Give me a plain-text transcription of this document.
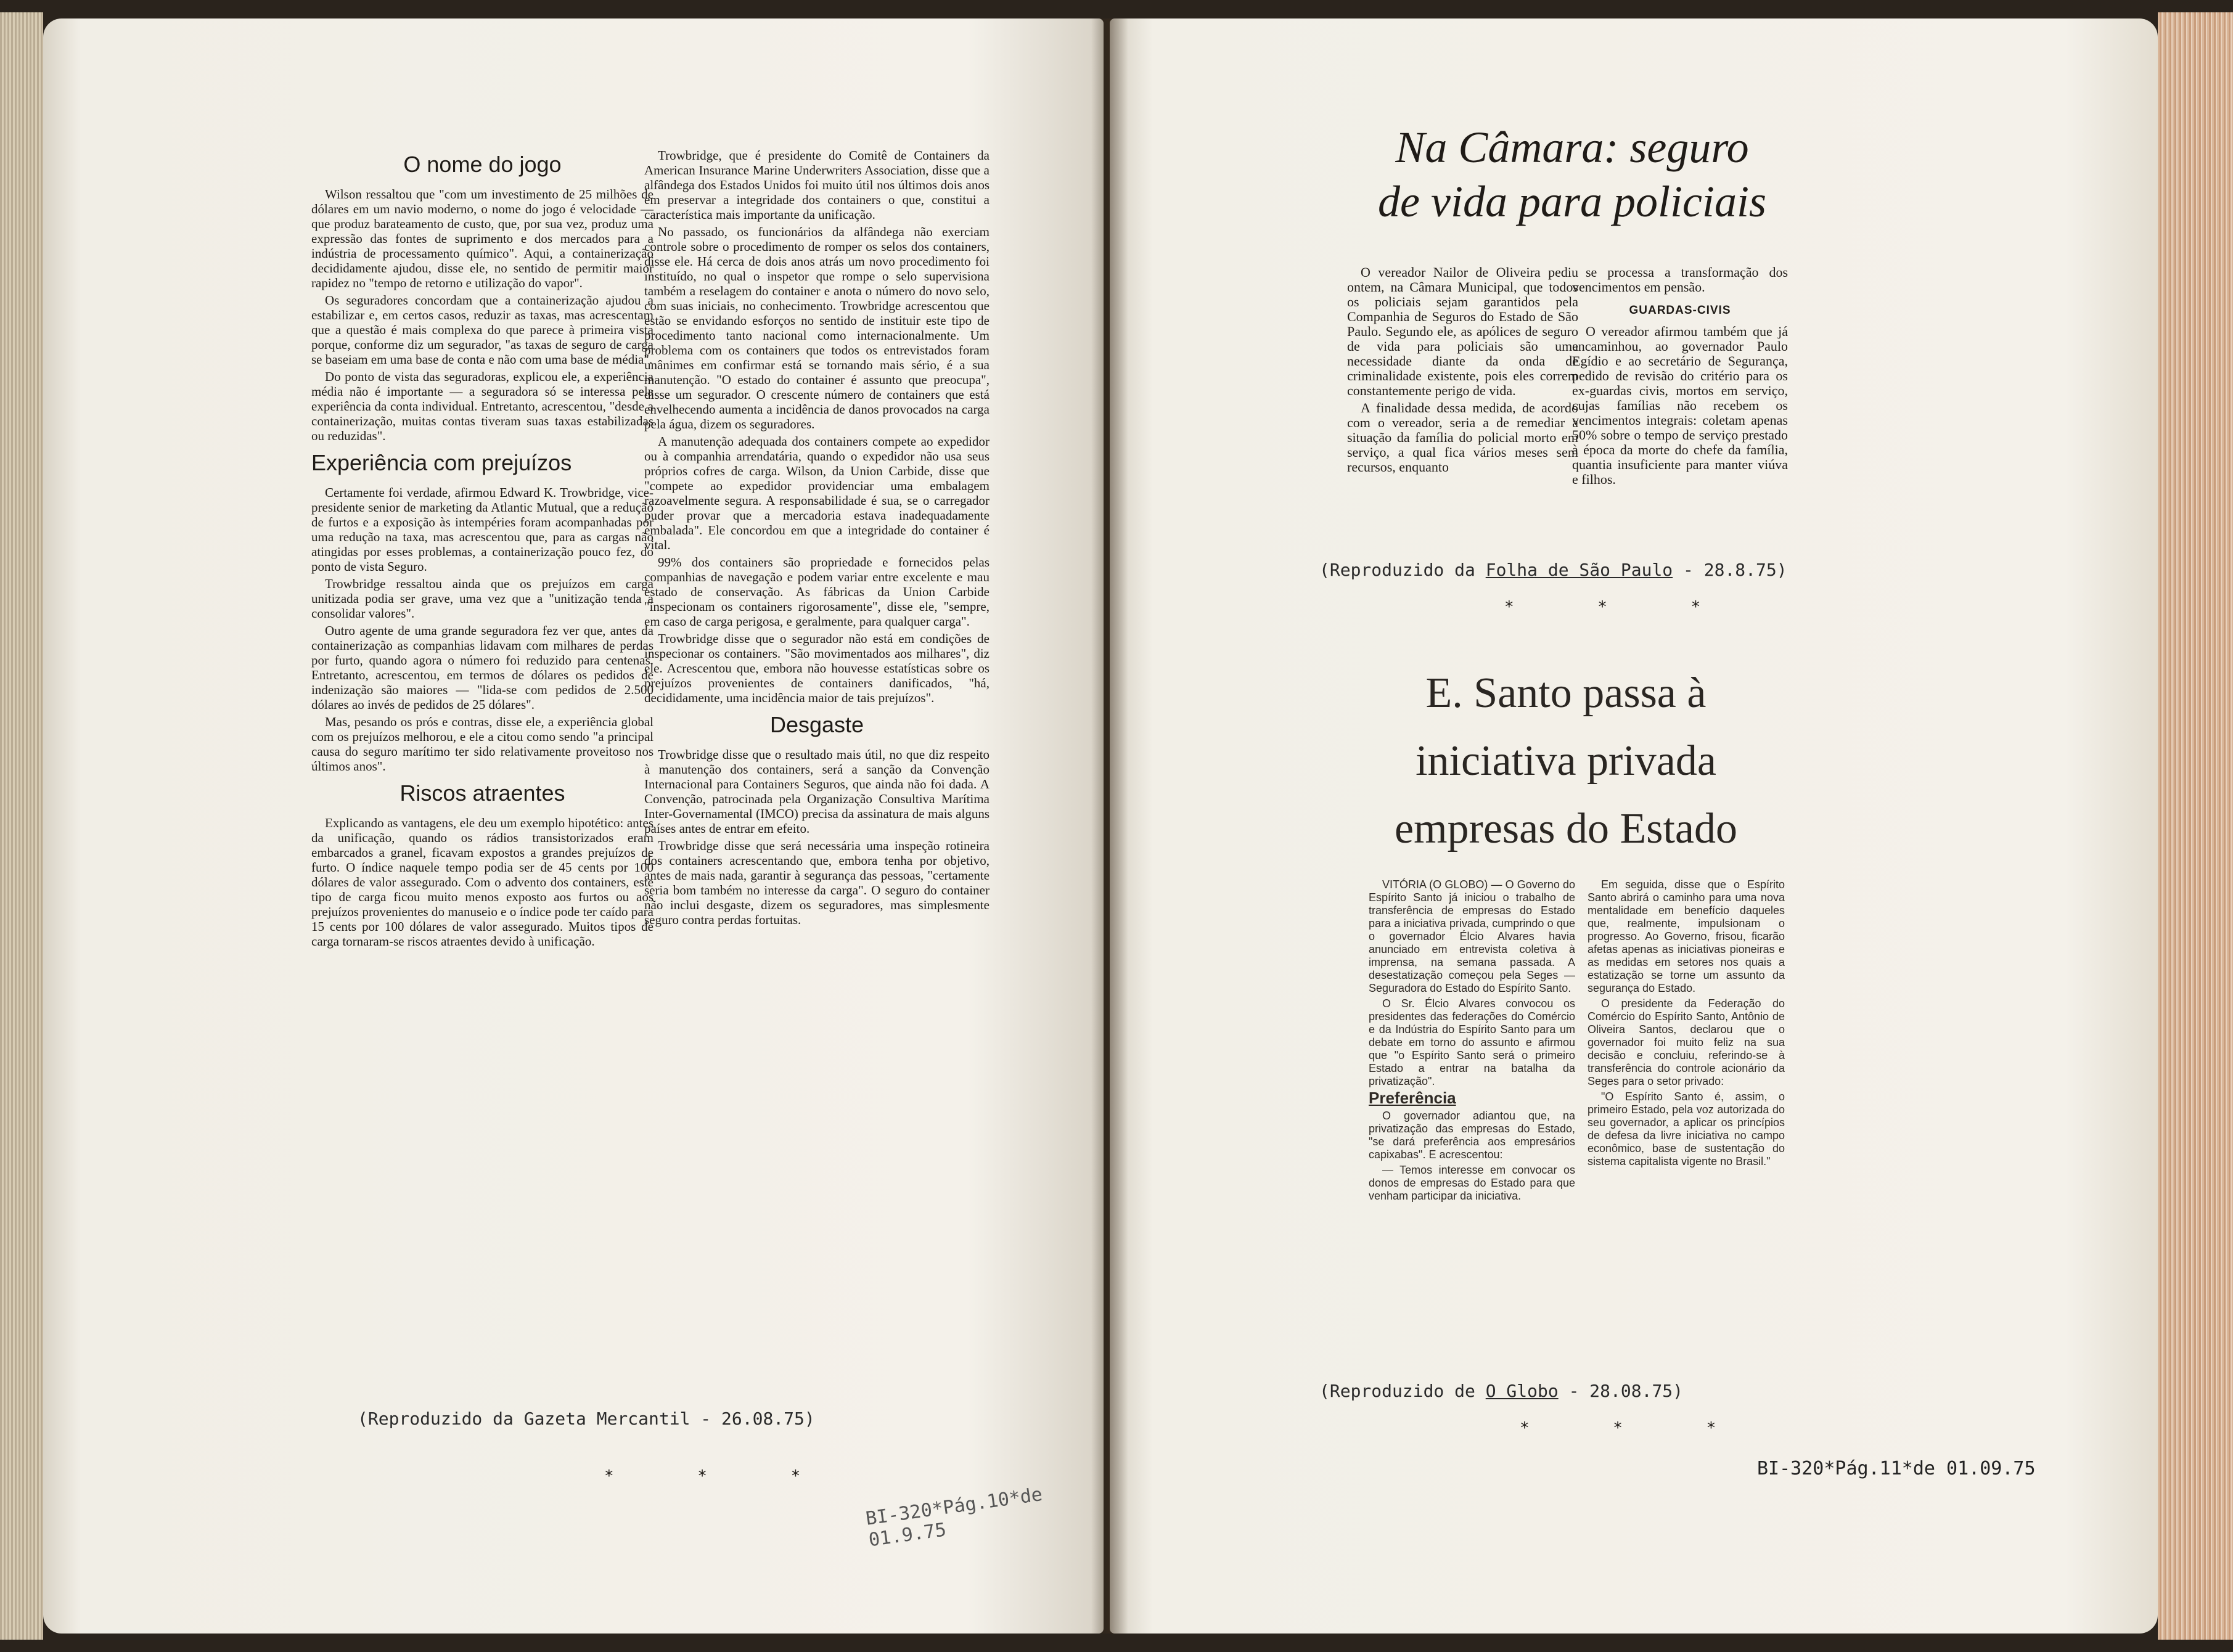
O nome do jogo

Wilson ressaltou que "com um investimento de 25 milhões de dólares em um navio moderno, o nome do jogo é velocidade — que produz barateamento de custo, que, por sua vez, produz uma expressão das fontes de suprimento e dos mercados para a indústria de processamento químico". Aqui, a containerização decididamente ajudou, disse ele, no sentido de permitir maior rapidez no "tempo de retorno e utilização do vapor".

Os seguradores concordam que a containerização ajudou a estabilizar e, em certos casos, reduzir as taxas, mas acrescentam que a questão é mais complexa do que parece à primeira vista porque, conforme diz um segurador, "as taxas de seguro de carga se baseiam em uma base de conta e não com uma base de média".

Do ponto de vista das seguradoras, explicou ele, a experiência média não é importante — a seguradora só se interessa pela experiência da conta individual. Entretanto, acrescentou, "desde a containerização, muitas contas tiveram suas taxas estabilizadas ou reduzidas".

Experiência com prejuízos

Certamente foi verdade, afirmou Edward K. Trowbridge, vice-presidente senior de marketing da Atlantic Mutual, que a redução de furtos e a exposição às intempéries foram acompanhadas por uma redução na taxa, mas acrescentou que, para as cargas não atingidas por esses problemas, a containerização pouco fez, do ponto de vista Seguro.

Trowbridge ressaltou ainda que os prejuízos em carga unitizada podia ser grave, uma vez que a "unitização tenda a consolidar valores".

Outro agente de uma grande seguradora fez ver que, antes da containerização as companhias lidavam com milhares de perdas por furto, quando agora o número foi reduzido para centenas. Entretanto, acrescentou, em termos de dólares os pedidos de indenização são maiores — "lida-se com pedidos de 2.500 dólares ao invés de pedidos de 25 dólares".

Mas, pesando os prós e contras, disse ele, a experiência global com os prejuízos melhorou, e ele a citou como sendo "a principal causa do seguro marítimo ter sido relativamente proveitoso nos últimos anos".

Riscos atraentes

Explicando as vantagens, ele deu um exemplo hipotético: antes da unificação, quando os rádios transistorizados eram embarcados a granel, ficavam expostos a grandes prejuízos de furto. O índice naquele tempo podia ser de 45 cents por 100 dólares de valor assegurado. Com o advento dos containers, este tipo de carga ficou muito menos exposto aos furtos ou aos prejuízos provenientes do manuseio e o índice pode ter caído para 15 cents por 100 dólares de valor assegurado. Muitos tipos de carga tornaram-se riscos atraentes devido à unificação.

Trowbridge, que é presidente do Comitê de Containers da American Insurance Marine Underwriters Association, disse que a alfândega dos Estados Unidos foi muito útil nos últimos dois anos em preservar a integridade dos containers o que, constitui a característica mais importante da unificação.

No passado, os funcionários da alfândega não exerciam controle sobre o procedimento de romper os selos dos containers, disse ele. Há cerca de dois anos atrás um novo procedimento foi instituído, no qual o inspetor que rompe o selo supervisiona também a reselagem do container e anota o número do novo selo, com suas iniciais, no conhecimento. Trowbridge acrescentou que estão se envidando esforços no sentido de instituir este tipo de procedimento tanto nacional como internacionalmente. Um problema com os containers que todos os entrevistados foram unânimes em confirmar está se tornando mais sério, é a sua manutenção. "O estado do container é assunto que preocupa", disse um segurador. O crescente número de containers que está envelhecendo aumenta a incidência de danos provocados na carga pela água, dizem os seguradores.

A manutenção adequada dos containers compete ao expedidor ou à companhia arrendatária, quando o expedidor não usa seus próprios cofres de carga. Wilson, da Union Carbide, disse que "compete ao expedidor providenciar uma embalagem razoavelmente segura. A responsabilidade é sua, se o carregador puder provar que a mercadoria estava inadequadamente embalada". Ele concordou em que a integridade do container é vital.

99% dos containers são propriedade e fornecidos pelas companhias de navegação e podem variar entre excelente e mau estado de conservação. As fábricas da Union Carbide "inspecionam os containers rigorosamente", disse ele, "sempre, em caso de carga perigosa, e geralmente, para qualquer carga".

Trowbridge disse que o segurador não está em condições de inspecionar os containers. "São movimentados aos milhares", diz ele. Acrescentou que, embora não houvesse estatísticas sobre os prejuízos provenientes de containers danificados, "há, decididamente, uma incidência maior de tais prejuízos".

Desgaste

Trowbridge disse que o resultado mais útil, no que diz respeito à manutenção dos containers, será a sanção da Convenção Internacional para Containers Seguros, que ainda não foi dada. A Convenção, patrocinada pela Organização Consultiva Marítima Inter-Governamental (IMCO) precisa da assinatura de mais alguns países antes de entrar em efeito.

Trowbridge disse que será necessária uma inspeção rotineira dos containers acrescentando que, embora tenha por objetivo, antes de mais nada, garantir à segurança das pessoas, "certamente seria bom também no interesse da carga". O seguro do container não inclui desgaste, dizem os seguradores, mas simplesmente seguro contra perdas fortuitas.

(Reproduzido da Gazeta Mercantil - 26.08.75)
* * *
BI-320*Pág.10*de 01.9.75
Na Câmara: seguro
de vida para policiais

O vereador Nailor de Oliveira pediu ontem, na Câmara Municipal, que todos os policiais sejam garantidos pela Companhia de Seguros do Estado de São Paulo. Segundo ele, as apólices de seguro de vida para policiais são uma necessidade diante da onda de criminalidade existente, pois eles correm constantemente perigo de vida.

A finalidade dessa medida, de acordo com o vereador, seria a de remediar a situação da família do policial morto em serviço, a qual fica vários meses sem recursos, enquanto

se processa a transformação dos vencimentos em pensão.

GUARDAS-CIVIS

O vereador afirmou também que já encaminhou, ao governador Paulo Egídio e ao secretário de Segurança, pedido de revisão do critério para os ex-guardas civis, mortos em serviço, cujas famílias não recebem os vencimentos integrais: coletam apenas 50% sobre o tempo de serviço prestado à época da morte do chefe da família, quantia insuficiente para manter viúva e filhos.

(Reproduzido da Folha de São Paulo - 28.8.75)
* * *
E. Santo passa à
iniciativa privada
empresas do Estado

VITÓRIA (O GLOBO) — O Governo do Espírito Santo já iniciou o trabalho de transferência de empresas do Estado para a iniciativa privada, cumprindo o que o governador Élcio Alvares havia anunciado em entrevista coletiva à imprensa, na semana passada. A desestatização começou pela Seges — Seguradora do Estado do Espírito Santo.

O Sr. Élcio Alvares convocou os presidentes das federações do Comércio e da Indústria do Espírito Santo para um debate em torno do assunto e afirmou que "o Espírito Santo será o primeiro Estado a entrar na batalha da privatização".

Preferência

O governador adiantou que, na privatização das empresas do Estado, "se dará preferência aos empresários capixabas". E acrescentou:

— Temos interesse em convocar os donos de empresas do Estado para que venham participar da iniciativa.

Em seguida, disse que o Espírito Santo abrirá o caminho para uma nova mentalidade em benefício daqueles que, realmente, impulsionam o progresso. Ao Governo, frisou, ficarão afetas apenas as iniciativas pioneiras e as medidas em setores nos quais a estatização se torne um assunto da segurança do Estado.

O presidente da Federação do Comércio do Espírito Santo, Antônio de Oliveira Santos, declarou que o governador foi muito feliz na sua decisão e concluiu, referindo-se à transferência do controle acionário da Seges para o setor privado:

"O Espírito Santo é, assim, o primeiro Estado, pela voz autorizada do seu governador, a aplicar os princípios de defesa da livre iniciativa no campo econômico, base de sustentação do sistema capitalista vigente no Brasil."

(Reproduzido de O Globo - 28.08.75)
* * *
BI-320*Pág.11*de 01.09.75
